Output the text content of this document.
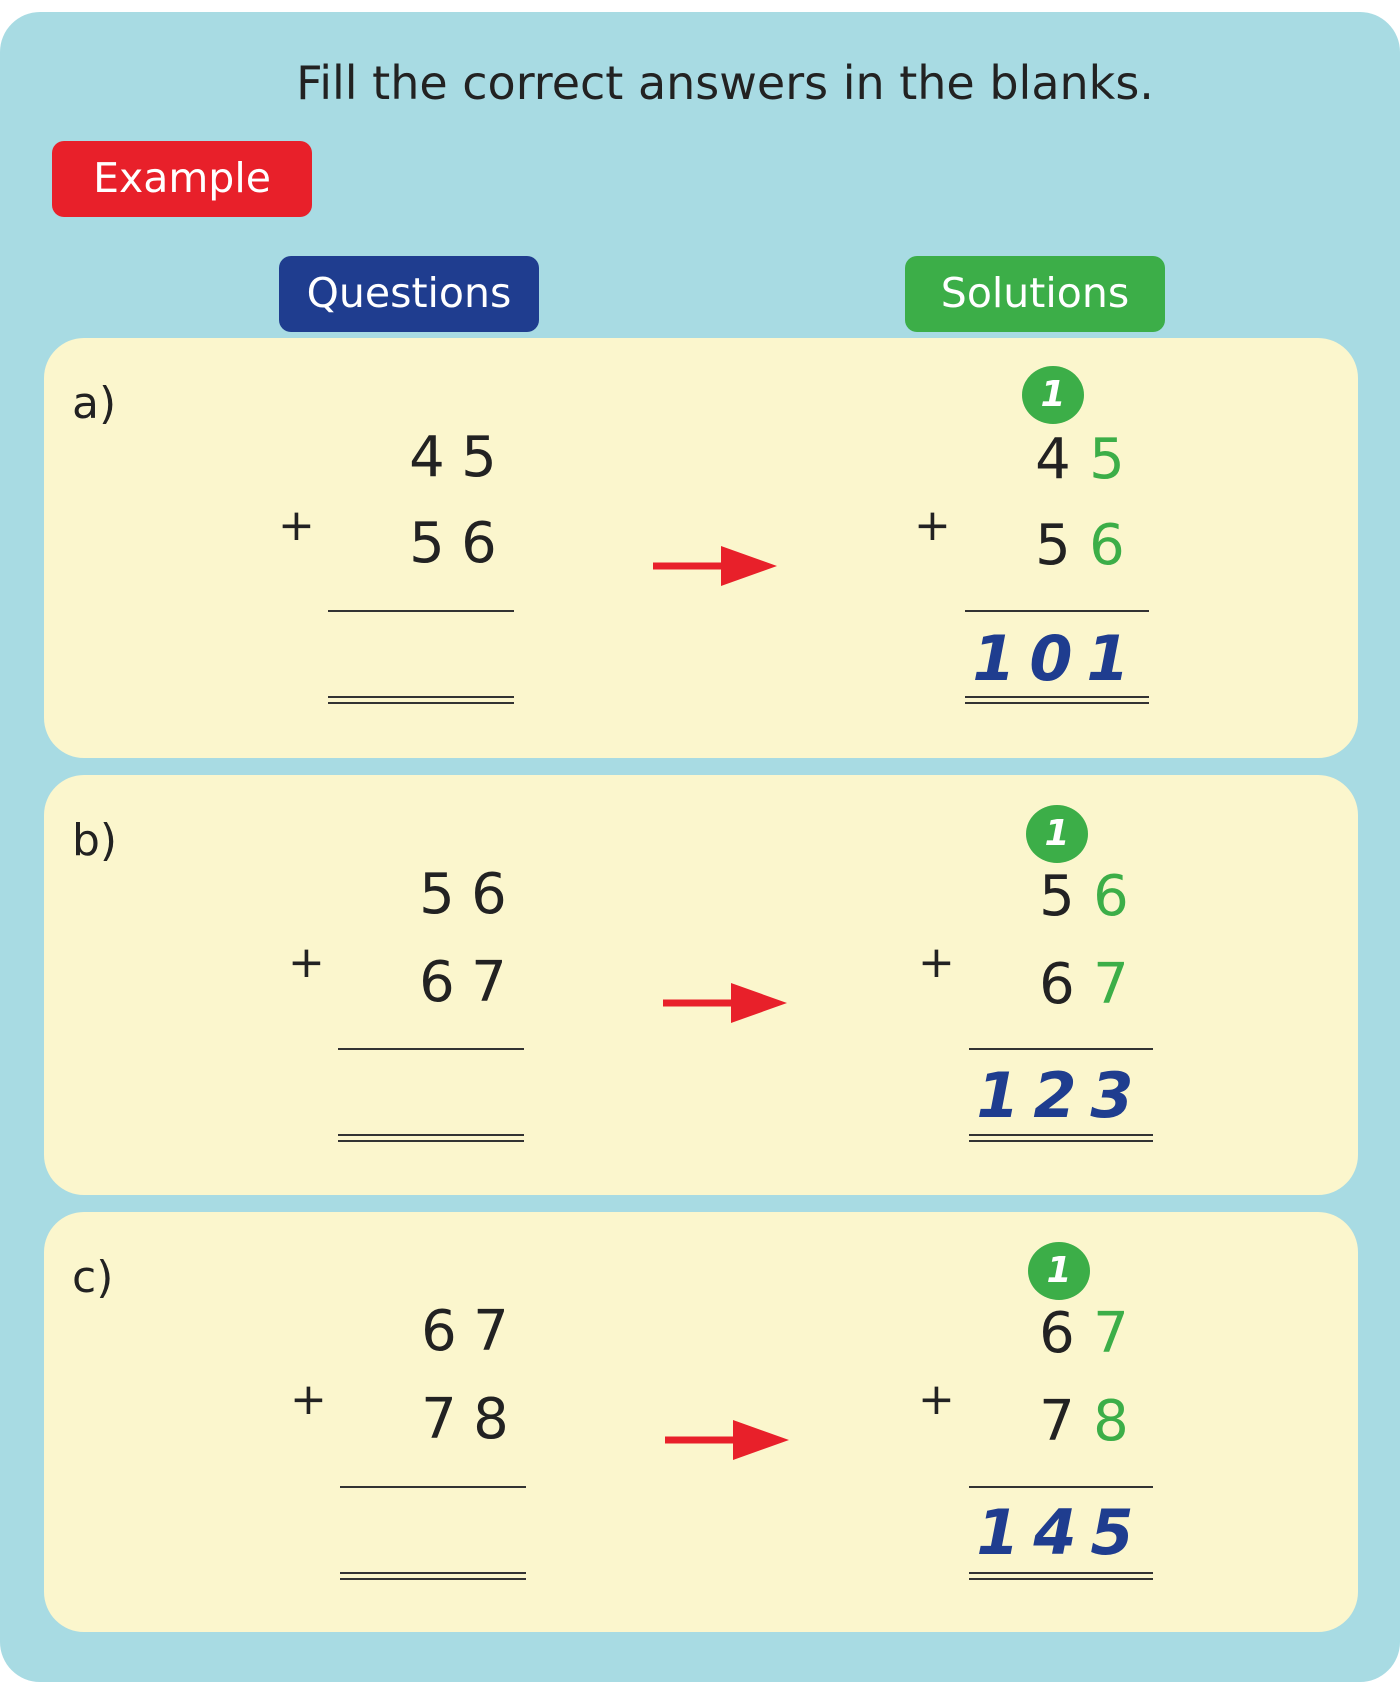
Fill the correct answers in the blanks.
Example
Questions	Solutions
a)
4 5
+ 5 6
1
4 5
+ 5 6
1 0 1
b)
5 6
+ 6 7
1
5 6
+ 6 7
1 2 3
c)
6 7
+ 7 8
1
6 7
+ 7 8
1 4 5
